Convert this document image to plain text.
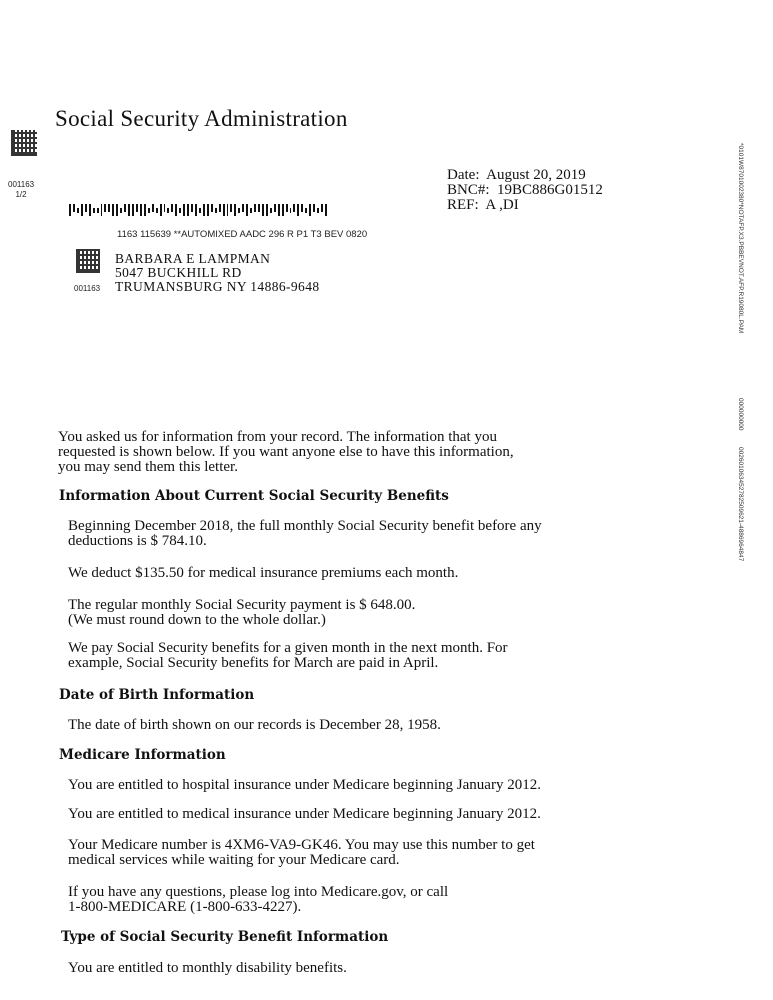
Social Security Administration
001163
1/2
1163 115639 **AUTOMIXED AADC 296 R P1 T3 BEV 0820
001163
BARBARA E LAMPMAN
5047 BUCKHILL RD
TRUMANSBURG NY 14886-9648
Date: August 20, 2019
BNC#: 19BC886G01512
REF: A ,DI	*0101W8701002380*NOTAFP.X3.PBBEVNOT.AFP.R19080L.PAM
000000000
002601063452782509621-4886964847
You asked us for information from your record. The information that you
requested is shown below. If you want anyone else to have this information,
you may send them this letter.
Information About Current Social Security Benefits
Beginning December 2018, the full monthly Social Security benefit before any
deductions is $ 784.10.
We deduct $135.50 for medical insurance premiums each month.
The regular monthly Social Security payment is $ 648.00.
(We must round down to the whole dollar.)
We pay Social Security benefits for a given month in the next month. For
example, Social Security benefits for March are paid in April.
Date of Birth Information
The date of birth shown on our records is December 28, 1958.
Medicare Information
You are entitled to hospital insurance under Medicare beginning January 2012.
You are entitled to medical insurance under Medicare beginning January 2012.
Your Medicare number is 4XM6-VA9-GK46. You may use this number to get
medical services while waiting for your Medicare card.
If you have any questions, please log into Medicare.gov, or call
1-800-MEDICARE (1-800-633-4227).
Type of Social Security Benefit Information
You are entitled to monthly disability benefits.
